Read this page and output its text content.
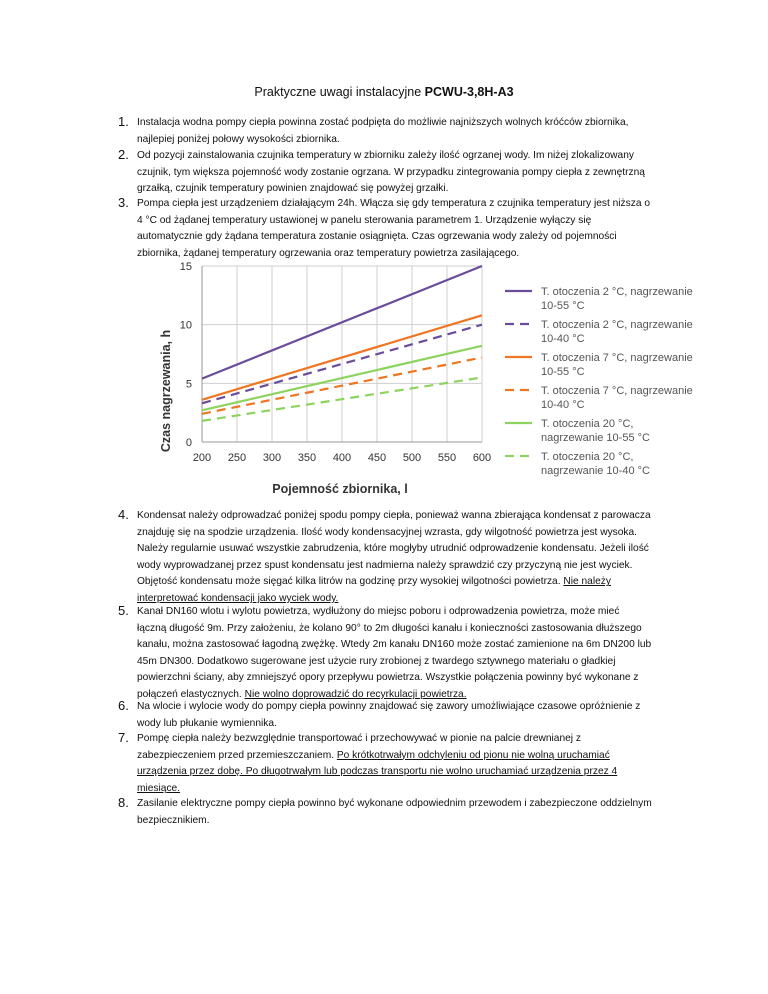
Praktyczne uwagi instalacyjne PCWU-3,8H-A3
1. Instalacja wodna pompy ciepła powinna zostać podpięta do możliwie najniższych wolnych króćców zbiornika,
najlepiej poniżej połowy wysokości zbiornika.
2. Od pozycji zainstalowania czujnika temperatury w zbiorniku zależy ilość ogrzanej wody. Im niżej zlokalizowany
czujnik, tym większa pojemność wody zostanie ogrzana. W przypadku zintegrowania pompy ciepła z zewnętrzną
grzałką, czujnik temperatury powinien znajdować się powyżej grzałki.
3. Pompa ciepła jest urządzeniem działającym 24h. Włącza się gdy temperatura z czujnika temperatury jest niższa o
4 °C od żądanej temperatury ustawionej w panelu sterowania parametrem 1. Urządzenie wyłączy się
automatycznie gdy żądana temperatura zostanie osiągnięta. Czas ogrzewania wody zależy od pojemności
zbiornika, żądanej temperatury ogrzewania oraz temperatury powietrza zasilającego.
200 250 300 350 400 450 500 550 600
0
5
10
15
Czas nagrzewania, h
Pojemność zbiornika, l
T. otoczenia 2 °C, nagrzewanie
10-55 °C
T. otoczenia 2 °C, nagrzewanie
10-40 °C
T. otoczenia 7 °C, nagrzewanie
10-55 °C
T. otoczenia 7 °C, nagrzewanie
10-40 °C
T. otoczenia 20 °C,
nagrzewanie 10-55 °C
T. otoczenia 20 °C,
nagrzewanie 10-40 °C
4. Kondensat należy odprowadzać poniżej spodu pompy ciepła, ponieważ wanna zbierająca kondensat z parowacza
znajduję się na spodzie urządzenia. Ilość wody kondensacyjnej wzrasta, gdy wilgotność powietrza jest wysoka.
Należy regularnie usuwać wszystkie zabrudzenia, które mogłyby utrudnić odprowadzenie kondensatu. Jeżeli ilość
wody wyprowadzanej przez spust kondensatu jest nadmierna należy sprawdzić czy przyczyną nie jest wyciek.
Objętość kondensatu może sięgać kilka litrów na godzinę przy wysokiej wilgotności powietrza. Nie należy
interpretować kondensacji jako wyciek wody.
5. Kanał DN160 wlotu i wylotu powietrza, wydłużony do miejsc poboru i odprowadzenia powietrza, może mieć
łączną długość 9m. Przy założeniu, że kolano 90° to 2m długości kanału i konieczności zastosowania dłuższego
kanału, można zastosować łagodną zwężkę. Wtedy 2m kanału DN160 może zostać zamienione na 6m DN200 lub
45m DN300. Dodatkowo sugerowane jest użycie rury zrobionej z twardego sztywnego materiału o gładkiej
powierzchni ściany, aby zmniejszyć opory przepływu powietrza. Wszystkie połączenia powinny być wykonane z
połączeń elastycznych. Nie wolno doprowadzić do recyrkulacji powietrza.
6. Na wlocie i wylocie wody do pompy ciepła powinny znajdować się zawory umożliwiające czasowe opróżnienie z
wody lub płukanie wymiennika.
7. Pompę ciepła należy bezwzględnie transportować i przechowywać w pionie na palcie drewnianej z
zabezpieczeniem przed przemieszczaniem. Po krótkotrwałym odchyleniu od pionu nie wolną uruchamiać
urządzenia przez dobę. Po długotrwałym lub podczas transportu nie wolno uruchamiać urządzenia przez 4
miesiące.
8. Zasilanie elektryczne pompy ciepła powinno być wykonane odpowiednim przewodem i zabezpieczone oddzielnym
bezpiecznikiem.
